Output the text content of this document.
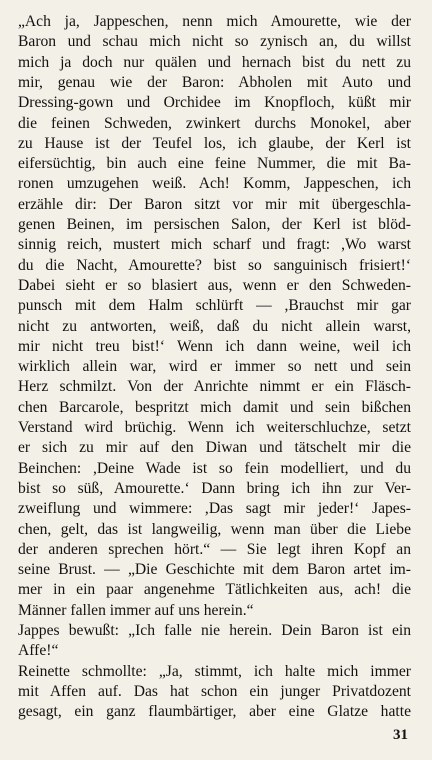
„Ach ja, Jappeschen, nenn mich Amourette, wie der
Baron und schau mich nicht so zynisch an, du willst
mich ja doch nur quälen und hernach bist du nett zu
mir, genau wie der Baron: Abholen mit Auto und
Dressing-gown und Orchidee im Knopfloch, küßt mir
die feinen Schweden, zwinkert durchs Monokel, aber
zu Hause ist der Teufel los, ich glaube, der Kerl ist
eifersüchtig, bin auch eine feine Nummer, die mit Ba-
ronen umzugehen weiß. Ach! Komm, Jappeschen, ich
erzähle dir: Der Baron sitzt vor mir mit übergeschla-
genen Beinen, im persischen Salon, der Kerl ist blöd-
sinnig reich, mustert mich scharf und fragt: ,Wo warst
du die Nacht, Amourette? bist so sanguinisch frisiert!‘
Dabei sieht er so blasiert aus, wenn er den Schweden-
punsch mit dem Halm schlürft — ,Brauchst mir gar
nicht zu antworten, weiß, daß du nicht allein warst,
mir nicht treu bist!‘ Wenn ich dann weine, weil ich
wirklich allein war, wird er immer so nett und sein
Herz schmilzt. Von der Anrichte nimmt er ein Fläsch-
chen Barcarole, bespritzt mich damit und sein bißchen
Verstand wird brüchig. Wenn ich weiterschluchze, setzt
er sich zu mir auf den Diwan und tätschelt mir die
Beinchen: ,Deine Wade ist so fein modelliert, und du
bist so süß, Amourette.‘ Dann bring ich ihn zur Ver-
zweiflung und wimmere: ,Das sagt mir jeder!‘ Japes-
chen, gelt, das ist langweilig, wenn man über die Liebe
der anderen sprechen hört.“ — Sie legt ihren Kopf an
seine Brust. — „Die Geschichte mit dem Baron artet im-
mer in ein paar angenehme Tätlichkeiten aus, ach! die
Männer fallen immer auf uns herein.“
Jappes bewußt: „Ich falle nie herein. Dein Baron ist ein
Affe!“
Reinette schmollte: „Ja, stimmt, ich halte mich immer
mit Affen auf. Das hat schon ein junger Privatdozent
gesagt, ein ganz flaumbärtiger, aber eine Glatze hatte
31
